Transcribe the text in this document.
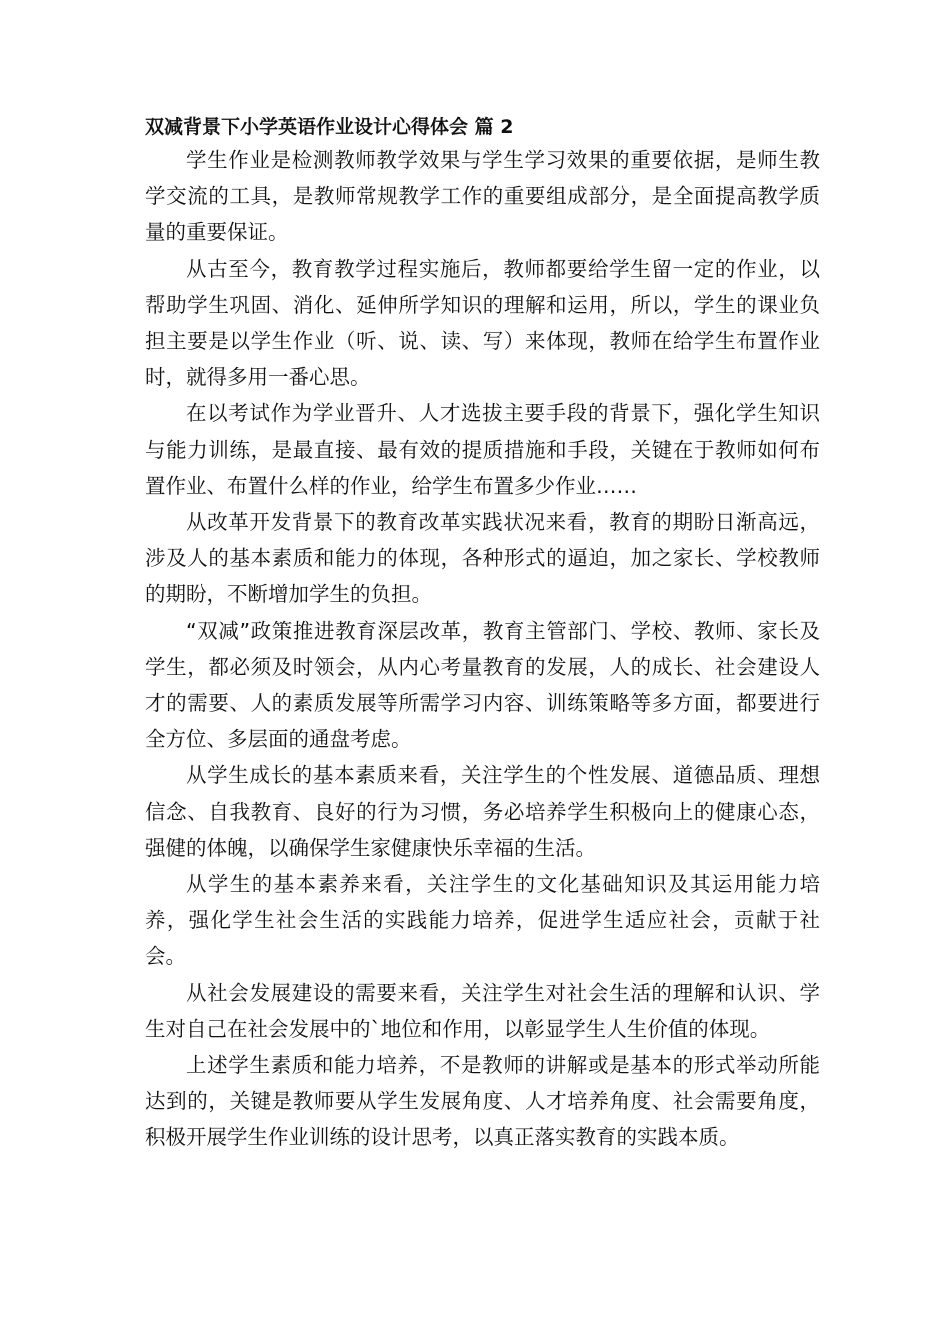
双减背景下小学英语作业设计心得体会 篇 2

学生作业是检测教师教学效果与学生学习效果的重要依据，是师生教学交流的工具，是教师常规教学工作的重要组成部分，是全面提高教学质量的重要保证。

从古至今，教育教学过程实施后，教师都要给学生留一定的作业，以帮助学生巩固、消化、延伸所学知识的理解和运用，所以，学生的课业负担主要是以学生作业（听、说、读、写）来体现，教师在给学生布置作业时，就得多用一番心思。

在以考试作为学业晋升、人才选拔主要手段的背景下，强化学生知识与能力训练，是最直接、最有效的提质措施和手段，关键在于教师如何布置作业、布置什么样的作业，给学生布置多少作业……

从改革开发背景下的教育改革实践状况来看，教育的期盼日渐高远，涉及人的基本素质和能力的体现，各种形式的逼迫，加之家长、学校教师的期盼，不断增加学生的负担。

“双减”政策推进教育深层改革，教育主管部门、学校、教师、家长及学生，都必须及时领会，从内心考量教育的发展，人的成长、社会建设人才的需要、人的素质发展等所需学习内容、训练策略等多方面，都要进行全方位、多层面的通盘考虑。

从学生成长的基本素质来看，关注学生的个性发展、道德品质、理想信念、自我教育、良好的行为习惯，务必培养学生积极向上的健康心态，强健的体魄，以确保学生家健康快乐幸福的生活。

从学生的基本素养来看，关注学生的文化基础知识及其运用能力培养，强化学生社会生活的实践能力培养，促进学生适应社会，贡献于社会。

从社会发展建设的需要来看，关注学生对社会生活的理解和认识、学生对自己在社会发展中的`地位和作用，以彰显学生人生价值的体现。

上述学生素质和能力培养，不是教师的讲解或是基本的形式举动所能达到的，关键是教师要从学生发展角度、人才培养角度、社会需要角度，积极开展学生作业训练的设计思考，以真正落实教育的实践本质。
